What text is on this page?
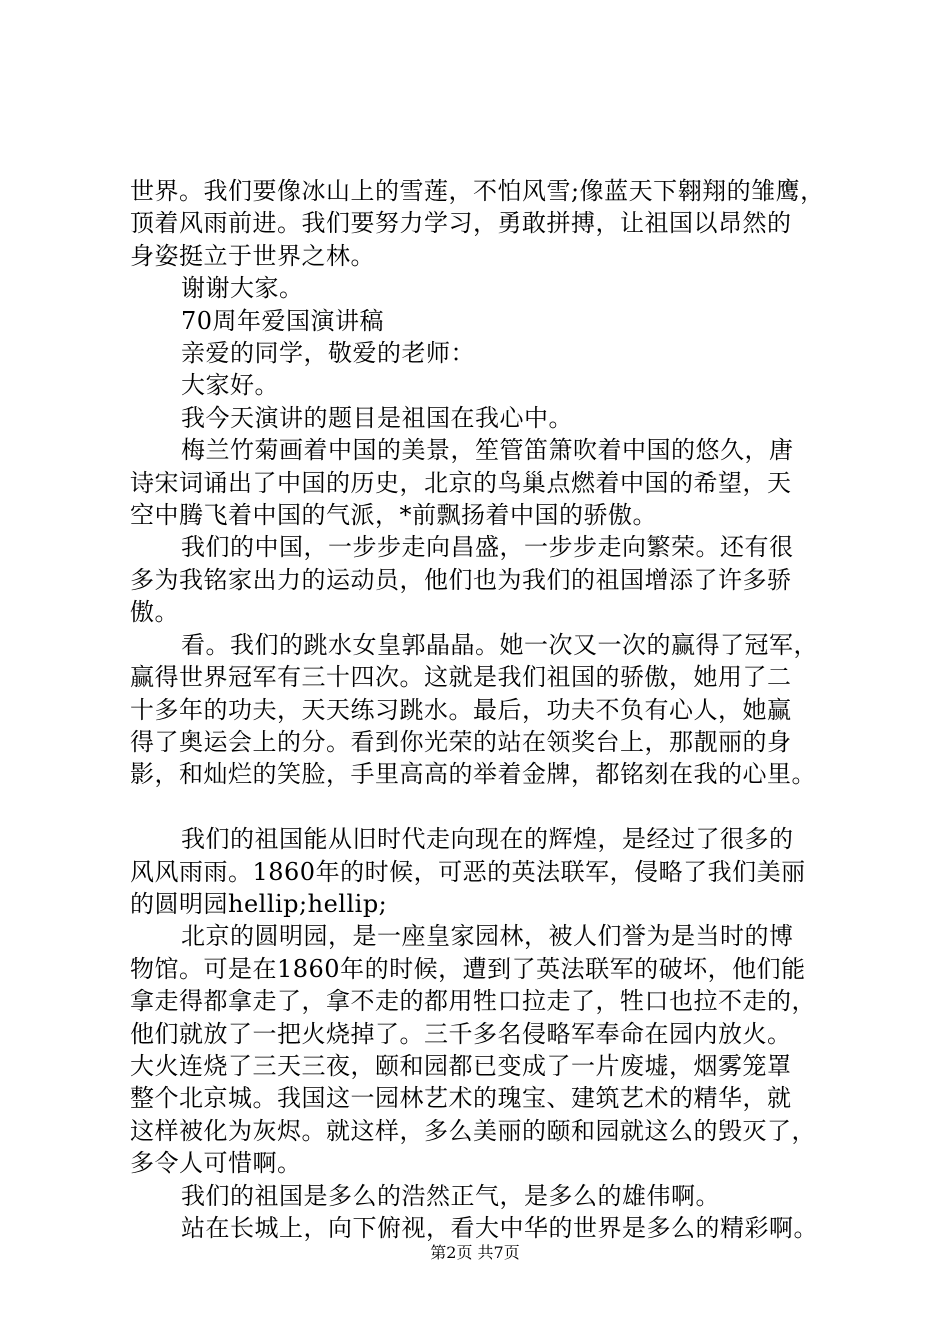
世界。我们要像冰山上的雪莲，不怕风雪;像蓝天下翱翔的雏鹰，
顶着风雨前进。我们要努力学习，勇敢拼搏，让祖国以昂然的
身姿挺立于世界之林。
谢谢大家。
70周年爱国演讲稿
亲爱的同学，敬爱的老师：
大家好。
我今天演讲的题目是祖国在我心中。
梅兰竹菊画着中国的美景，笙管笛箫吹着中国的悠久，唐
诗宋词诵出了中国的历史，北京的鸟巢点燃着中国的希望，天
空中腾飞着中国的气派，*前飘扬着中国的骄傲。
我们的中国，一步步走向昌盛，一步步走向繁荣。还有很
多为我铭家出力的运动员，他们也为我们的祖国增添了许多骄
傲。
看。我们的跳水女皇郭晶晶。她一次又一次的赢得了冠军，
赢得世界冠军有三十四次。这就是我们祖国的骄傲，她用了二
十多年的功夫，天天练习跳水。最后，功夫不负有心人，她赢
得了奥运会上的分。看到你光荣的站在领奖台上，那靓丽的身
影，和灿烂的笑脸，手里高高的举着金牌，都铭刻在我的心里。
我们的祖国能从旧时代走向现在的辉煌，是经过了很多的
风风雨雨。1860年的时候，可恶的英法联军，侵略了我们美丽
的圆明园hellip;hellip;
北京的圆明园，是一座皇家园林，被人们誉为是当时的博
物馆。可是在1860年的时候，遭到了英法联军的破坏，他们能
拿走得都拿走了，拿不走的都用牲口拉走了，牲口也拉不走的，
他们就放了一把火烧掉了。三千多名侵略军奉命在园内放火。
大火连烧了三天三夜，颐和园都已变成了一片废墟，烟雾笼罩
整个北京城。我国这一园林艺术的瑰宝、建筑艺术的精华，就
这样被化为灰烬。就这样，多么美丽的颐和园就这么的毁灭了，
多令人可惜啊。
我们的祖国是多么的浩然正气，是多么的雄伟啊。
站在长城上，向下俯视，看大中华的世界是多么的精彩啊。
第2页 共7页
